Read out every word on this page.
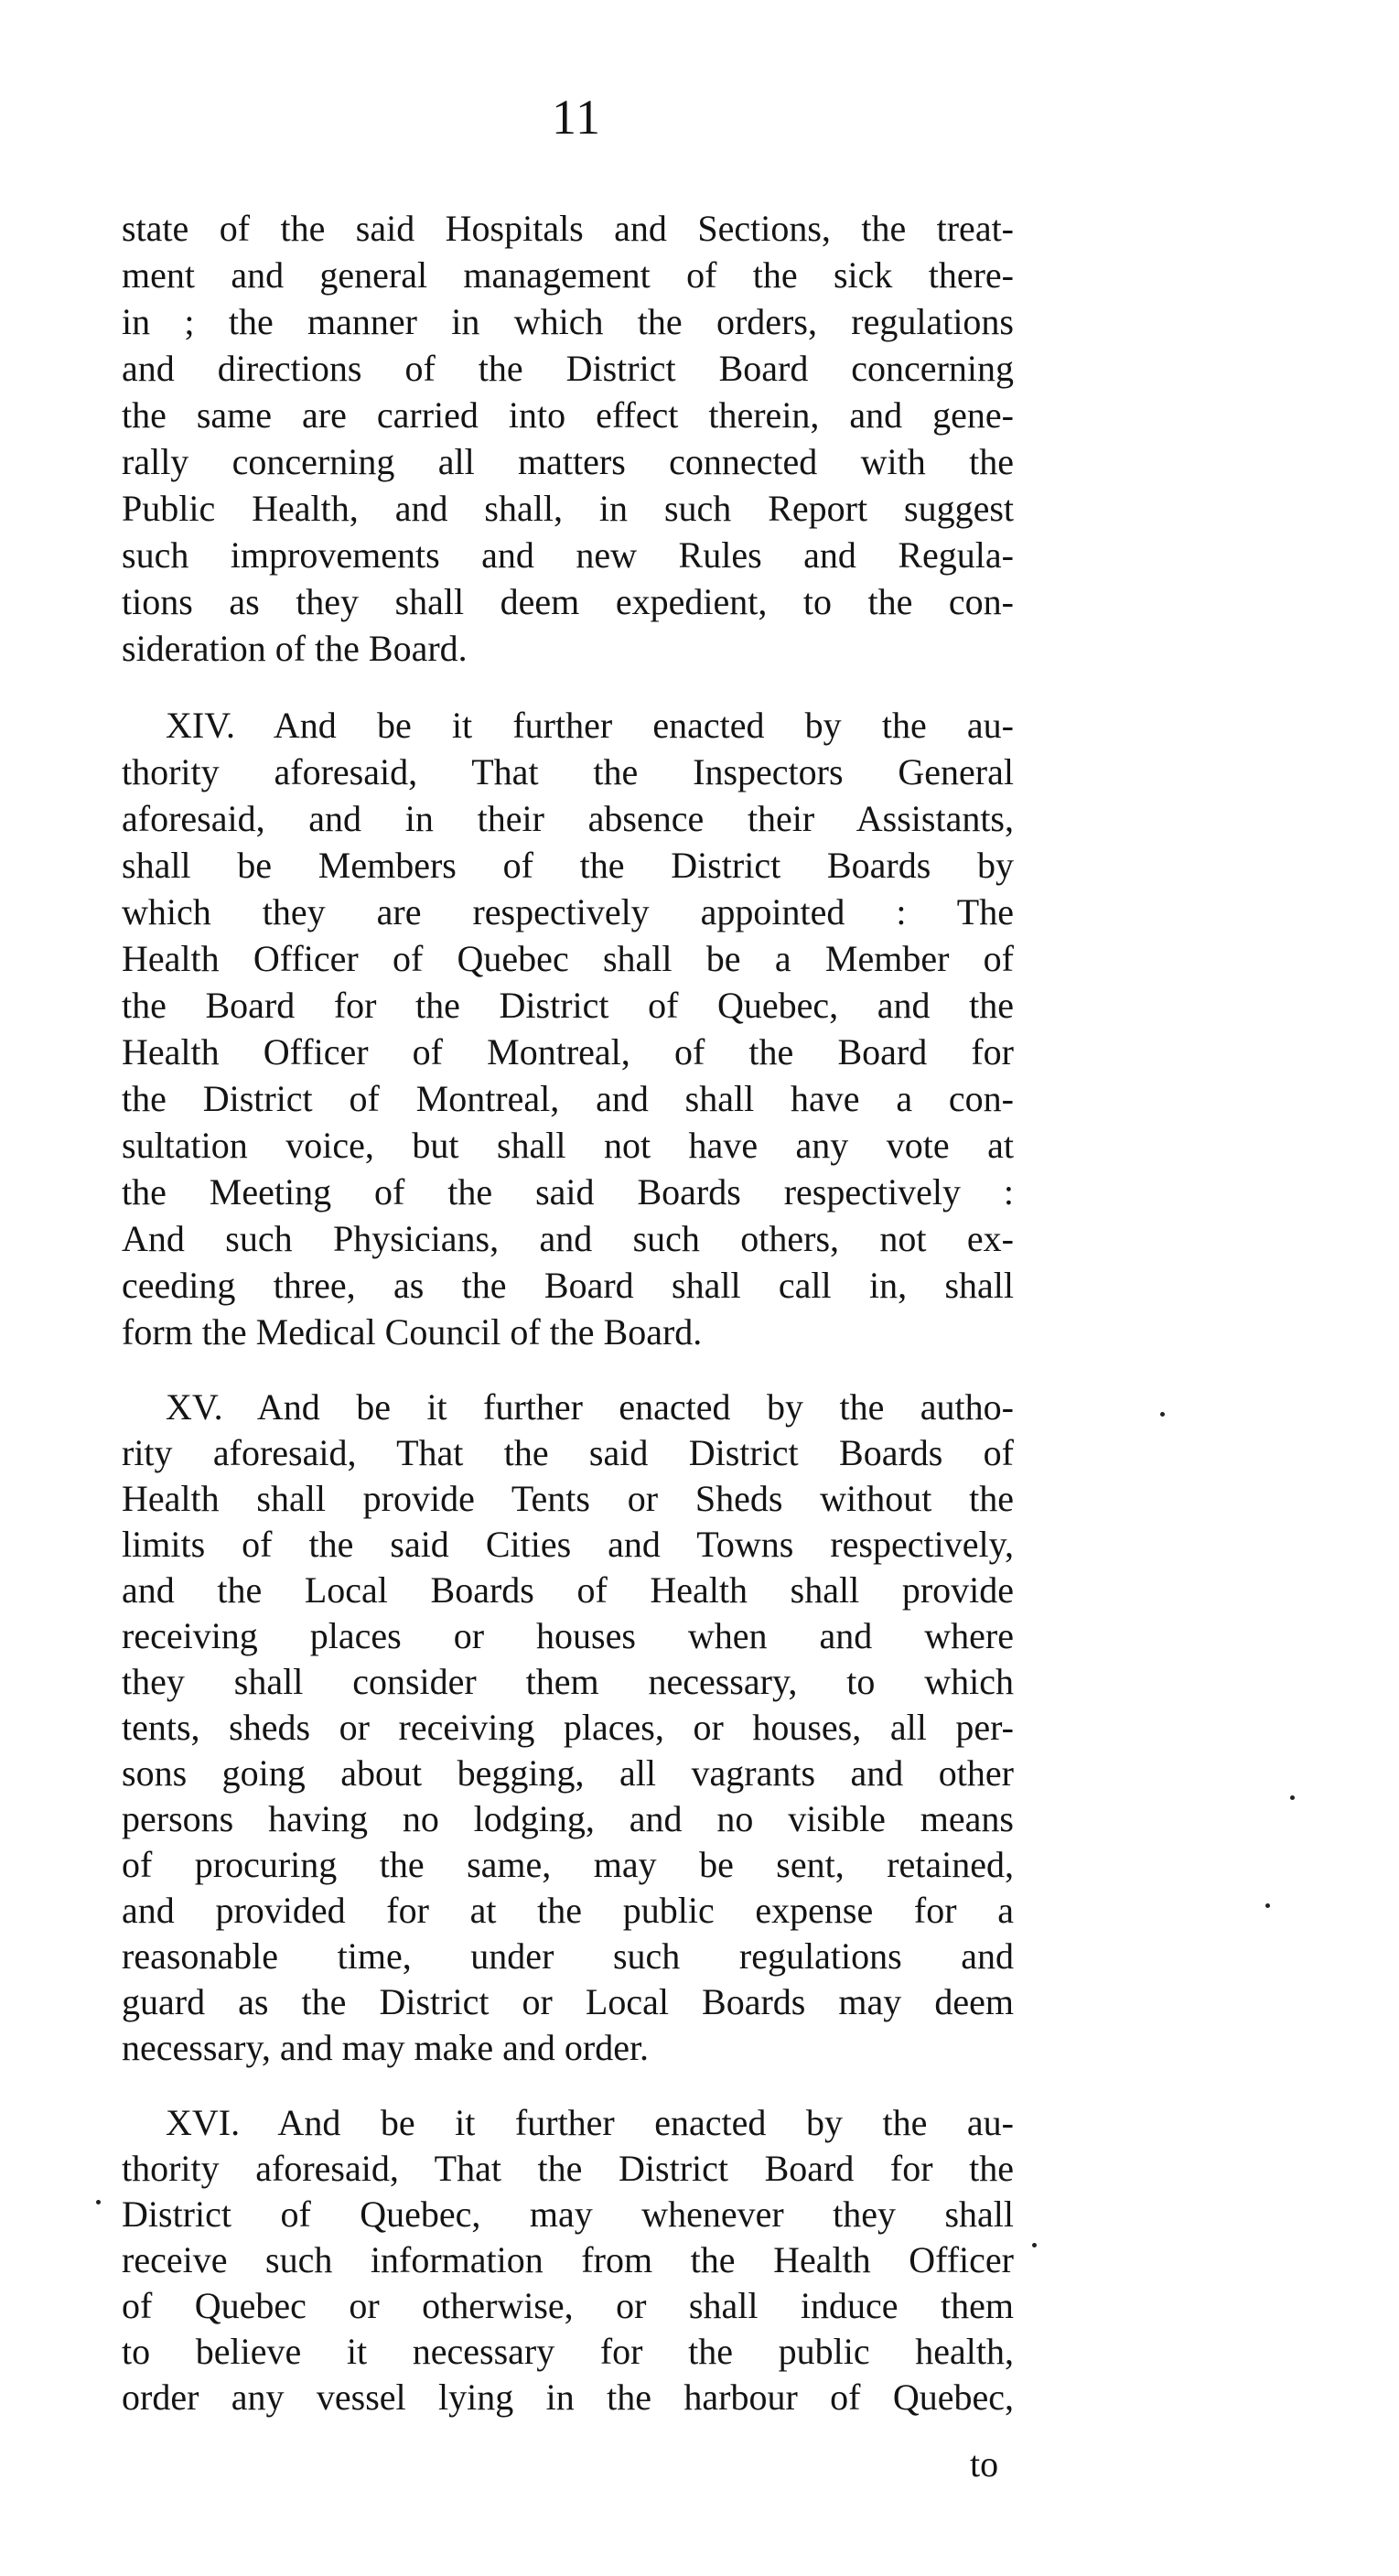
11

state of the said Hospitals and Sections, the treat-

ment and general management of the sick there-

in ; the manner in which the orders, regulations

and directions of the District Board concerning

the same are carried into effect therein, and gene-

rally concerning all matters connected with the

Public Health, and shall, in such Report suggest

such improvements and new Rules and Regula-

tions as they shall deem expedient, to the con-

sideration of the Board.

XIV. And be it further enacted by the au-

thority aforesaid, That the Inspectors General

aforesaid, and in their absence their Assistants,

shall be Members of the District Boards by

which they are respectively appointed : The

Health Officer of Quebec shall be a Member of

the Board for the District of Quebec, and the

Health Officer of Montreal, of the Board for

the District of Montreal, and shall have a con-

sultation voice, but shall not have any vote at

the Meeting of the said Boards respectively :

And such Physicians, and such others, not ex-

ceeding three, as the Board shall call in, shall

form the Medical Council of the Board.

XV. And be it further enacted by the autho-

rity aforesaid, That the said District Boards of

Health shall provide Tents or Sheds without the

limits of the said Cities and Towns respectively,

and the Local Boards of Health shall provide

receiving places or houses when and where

they shall consider them necessary, to which

tents, sheds or receiving places, or houses, all per-

sons going about begging, all vagrants and other

persons having no lodging, and no visible means

of procuring the same, may be sent, retained,

and provided for at the public expense for a

reasonable time, under such regulations and

guard as the District or Local Boards may deem

necessary, and may make and order.

XVI. And be it further enacted by the au-

thority aforesaid, That the District Board for the

District of Quebec, may whenever they shall

receive such information from the Health Officer

of Quebec or otherwise, or shall induce them

to believe it necessary for the public health,

order any vessel lying in the harbour of Quebec,

to
